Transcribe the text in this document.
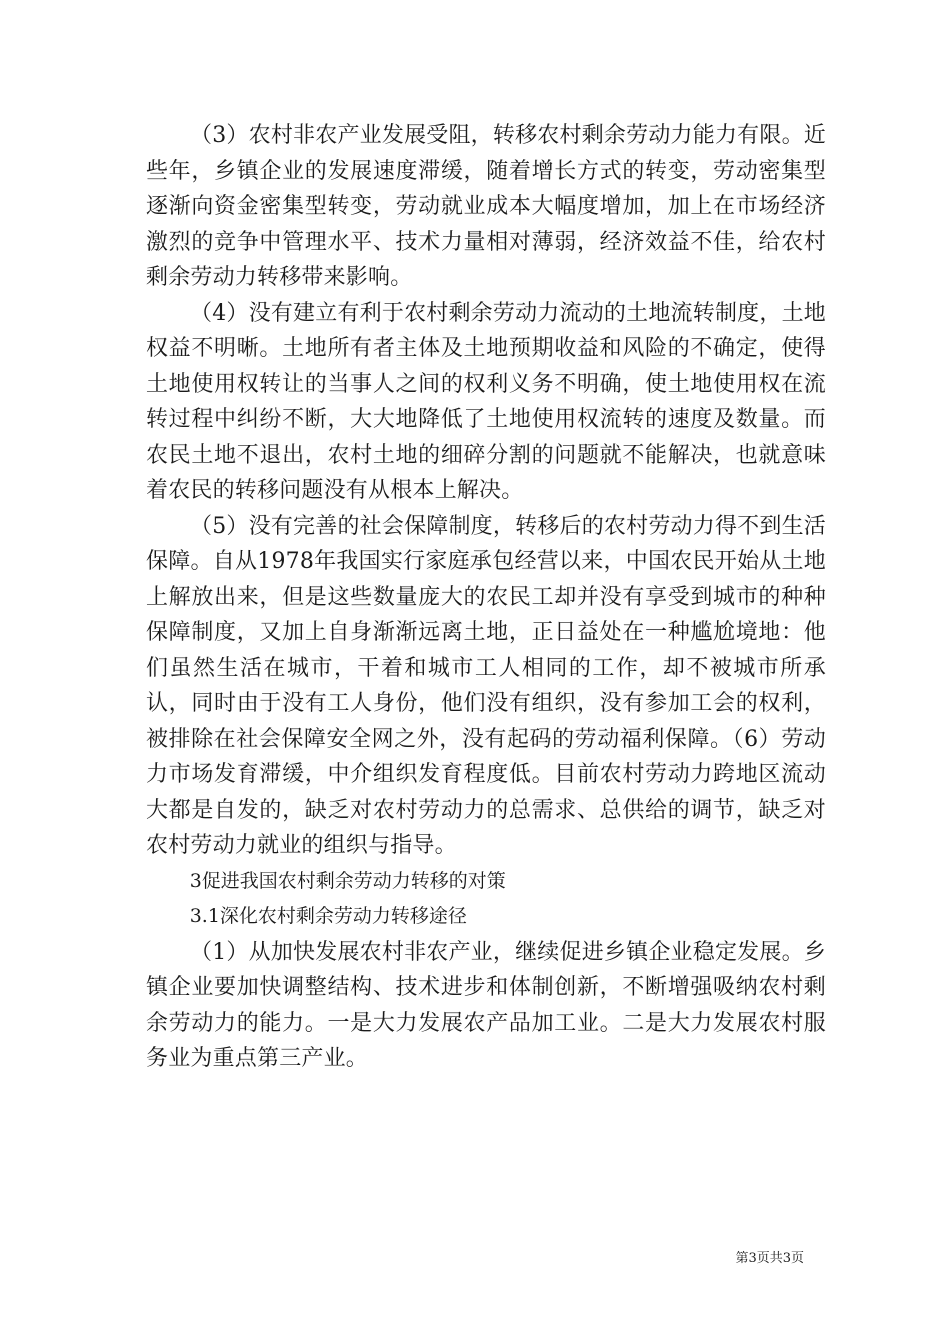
（3）农村非农产业发展受阻，转移农村剩余劳动力能力有限。近些年，乡镇企业的发展速度滞缓，随着增长方式的转变，劳动密集型逐渐向资金密集型转变，劳动就业成本大幅度增加，加上在市场经济激烈的竞争中管理水平、技术力量相对薄弱，经济效益不佳，给农村剩余劳动力转移带来影响。

（4）没有建立有利于农村剩余劳动力流动的土地流转制度，土地权益不明晰。土地所有者主体及土地预期收益和风险的不确定，使得土地使用权转让的当事人之间的权利义务不明确，使土地使用权在流转过程中纠纷不断，大大地降低了土地使用权流转的速度及数量。而农民土地不退出，农村土地的细碎分割的问题就不能解决，也就意味着农民的转移问题没有从根本上解决。

（5）没有完善的社会保障制度，转移后的农村劳动力得不到生活保障。自从1978年我国实行家庭承包经营以来，中国农民开始从土地上解放出来，但是这些数量庞大的农民工却并没有享受到城市的种种保障制度，又加上自身渐渐远离土地，正日益处在一种尴尬境地：他们虽然生活在城市，干着和城市工人相同的工作，却不被城市所承认，同时由于没有工人身份，他们没有组织，没有参加工会的权利，被排除在社会保障安全网之外，没有起码的劳动福利保障。（6）劳动力市场发育滞缓，中介组织发育程度低。目前农村劳动力跨地区流动大都是自发的，缺乏对农村劳动力的总需求、总供给的调节，缺乏对农村劳动力就业的组织与指导。

3促进我国农村剩余劳动力转移的对策

3.1深化农村剩余劳动力转移途径

（1）从加快发展农村非农产业，继续促进乡镇企业稳定发展。乡镇企业要加快调整结构、技术进步和体制创新，不断增强吸纳农村剩余劳动力的能力。一是大力发展农产品加工业。二是大力发展农村服务业为重点第三产业。

第3页共3页
